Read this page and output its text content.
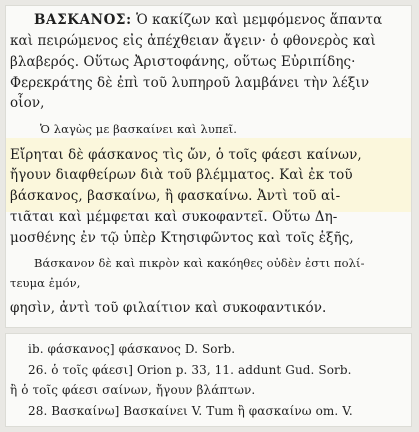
ΒΑΣΚΑΝΟΣ: Ὁ κακίζων καὶ μεμφόμενος ἅπαντα
καὶ πειρώμενος εἰς ἀπέχθειαν ἄγειν· ὁ φθονερὸς καὶ
βλαβερός. Οὕτως Ἀριστοφάνης, οὕτως Εὐριπίδης·
Φερεκράτης δὲ ἐπὶ τοῦ λυπηροῦ λαμβάνει τὴν λέξιν
οἷον,
Ὁ λαγὼς με βασκαίνει καὶ λυπεῖ.
Εἴρηται δὲ φάσκανος τὶς ὤν, ὁ τοῖς φάεσι καίνων,
ἤγουν διαφθείρων διὰ τοῦ βλέμματος. Καὶ ἐκ τοῦ
βάσκανος, βασκαίνω, ἢ φασκαίνω. Ἀντὶ τοῦ αἰ-
τιᾶται καὶ μέμφεται καὶ συκοφαντεῖ. Οὕτω Δη-
μοσθένης ἐν τῷ ὑπὲρ Κτησιφῶντος καὶ τοῖς ἑξῆς,
Βάσκανον δὲ καὶ πικρὸν καὶ κακόηθες οὐδὲν ἐστι πολί-
τευμα ἐμόν,
φησὶν, ἀντὶ τοῦ φιλαίτιον καὶ συκοφαντικόν.
ib. φάσκανος] φάσκανος D. Sorb.
26. ὁ τοῖς φάεσι] Orion p. 33, 11. addunt Gud. Sorb.
ἢ ὁ τοῖς φάεσι σαίνων, ἤγουν βλάπτων.
28. Βασκαίνω] Βασκαίνει V. Tum ἢ φασκαίνω om. V.
